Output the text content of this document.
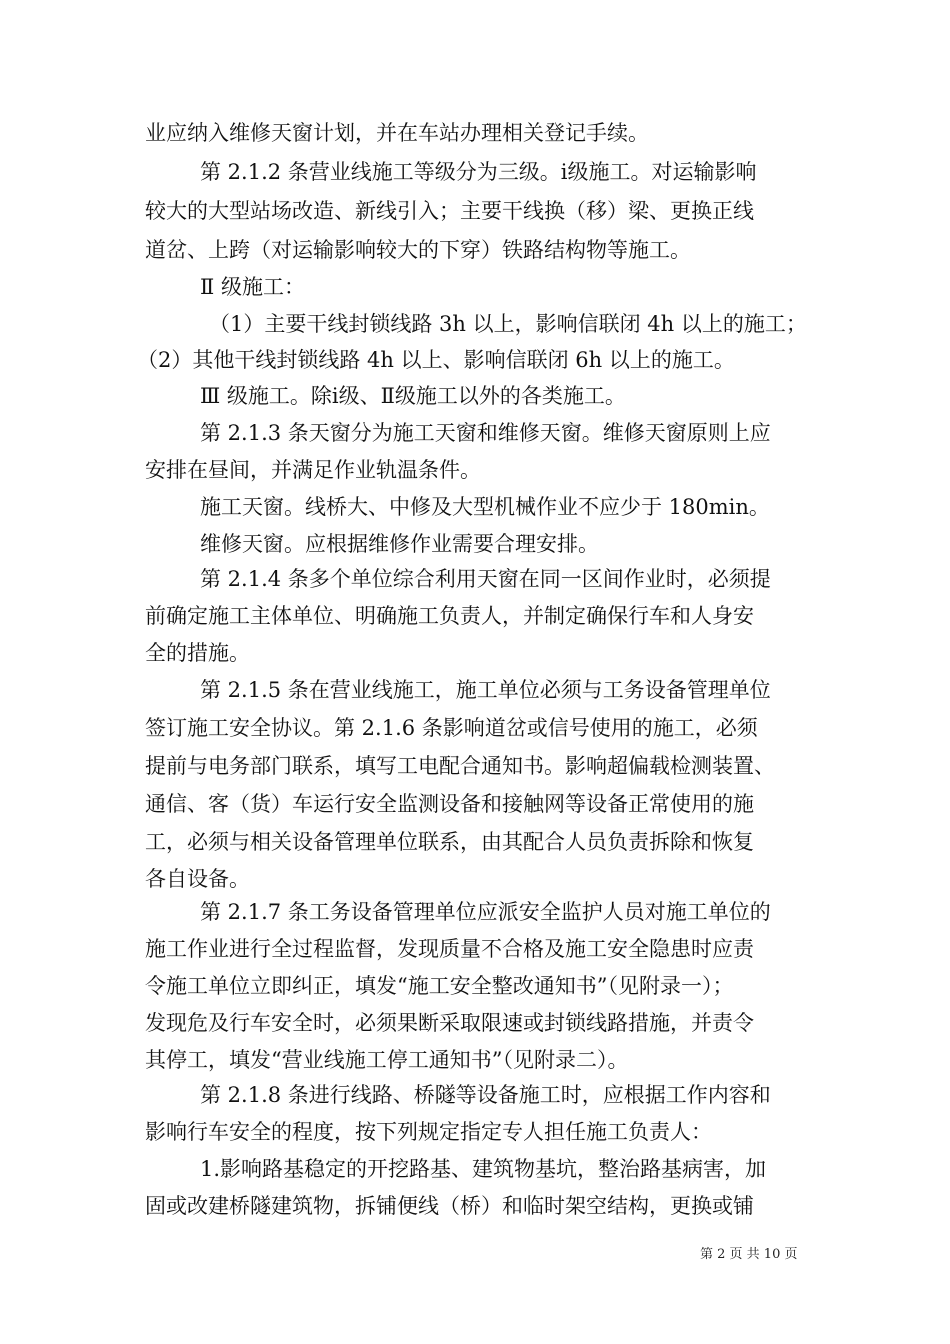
业应纳入维修天窗计划，并在车站办理相关登记手续。
第 2.1.2 条营业线施工等级分为三级。ⅰ级施工。对运输影响
较大的大型站场改造、新线引入；主要干线换（移）梁、更换正线
道岔、上跨（对运输影响较大的下穿）铁路结构物等施工。
Ⅱ 级施工：
（1）主要干线封锁线路 3h 以上，影响信联闭 4h 以上的施工；
（2）其他干线封锁线路 4h 以上、影响信联闭 6h 以上的施工。
Ⅲ 级施工。除ⅰ级、Ⅱ级施工以外的各类施工。
第 2.1.3 条天窗分为施工天窗和维修天窗。维修天窗原则上应
安排在昼间，并满足作业轨温条件。
施工天窗。线桥大、中修及大型机械作业不应少于 180min。
维修天窗。应根据维修作业需要合理安排。
第 2.1.4 条多个单位综合利用天窗在同一区间作业时，必须提
前确定施工主体单位、明确施工负责人，并制定确保行车和人身安
全的措施。
第 2.1.5 条在营业线施工，施工单位必须与工务设备管理单位
签订施工安全协议。第 2.1.6 条影响道岔或信号使用的施工，必须
提前与电务部门联系，填写工电配合通知书。影响超偏载检测装置、
通信、客（货）车运行安全监测设备和接触网等设备正常使用的施
工，必须与相关设备管理单位联系，由其配合人员负责拆除和恢复
各自设备。
第 2.1.7 条工务设备管理单位应派安全监护人员对施工单位的
施工作业进行全过程监督，发现质量不合格及施工安全隐患时应责
令施工单位立即纠正，填发“施工安全整改通知书”（见附录一）；
发现危及行车安全时，必须果断采取限速或封锁线路措施，并责令
其停工，填发“营业线施工停工通知书”（见附录二）。
第 2.1.8 条进行线路、桥隧等设备施工时，应根据工作内容和
影响行车安全的程度，按下列规定指定专人担任施工负责人：
1.影响路基稳定的开挖路基、建筑物基坑，整治路基病害，加
固或改建桥隧建筑物，拆铺便线（桥）和临时架空结构，更换或铺
第 2 页 共 10 页
